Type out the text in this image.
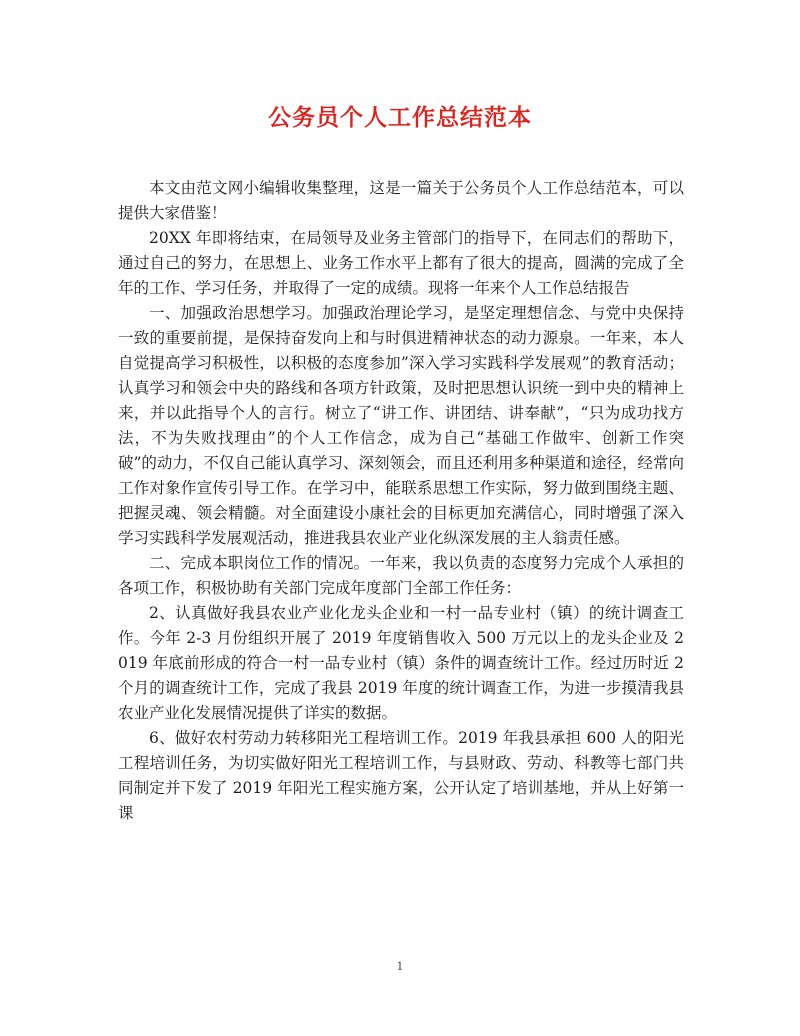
公务员个人工作总结范本

本文由范文网小编辑收集整理，这是一篇关于公务员个人工作总结范本，可以提供大家借鉴！

20XX 年即将结束，在局领导及业务主管部门的指导下，在同志们的帮助下，通过自己的努力，在思想上、业务工作水平上都有了很大的提高，圆满的完成了全年的工作、学习任务，并取得了一定的成绩。现将一年来个人工作总结报告

一、加强政治思想学习。加强政治理论学习，是坚定理想信念、与党中央保持一致的重要前提，是保持奋发向上和与时俱进精神状态的动力源泉。一年来，本人自觉提高学习积极性，以积极的态度参加”深入学习实践科学发展观”的教育活动；认真学习和领会中央的路线和各项方针政策，及时把思想认识统一到中央的精神上来，并以此指导个人的言行。树立了“讲工作、讲团结、讲奉献”，“只为成功找方法，不为失败找理由”的个人工作信念，成为自己“基础工作做牢、创新工作突破”的动力，不仅自己能认真学习、深刻领会，而且还利用多种渠道和途径，经常向工作对象作宣传引导工作。在学习中，能联系思想工作实际，努力做到围绕主题、把握灵魂、领会精髓。对全面建设小康社会的目标更加充满信心，同时增强了深入学习实践科学发展观活动，推进我县农业产业化纵深发展的主人翁责任感。

二、完成本职岗位工作的情况。一年来，我以负责的态度努力完成个人承担的各项工作，积极协助有关部门完成年度部门全部工作任务：

2、认真做好我县农业产业化龙头企业和一村一品专业村（镇）的统计调查工作。今年 2-3 月份组织开展了 2019 年度销售收入 500 万元以上的龙头企业及 2019 年底前形成的符合一村一品专业村（镇）条件的调查统计工作。经过历时近 2 个月的调查统计工作，完成了我县 2019 年度的统计调查工作，为进一步摸清我县农业产业化发展情况提供了详实的数据。

6、做好农村劳动力转移阳光工程培训工作。2019 年我县承担 600 人的阳光工程培训任务，为切实做好阳光工程培训工作，与县财政、劳动、科教等七部门共同制定并下发了 2019 年阳光工程实施方案，公开认定了培训基地，并从上好第一课

1
